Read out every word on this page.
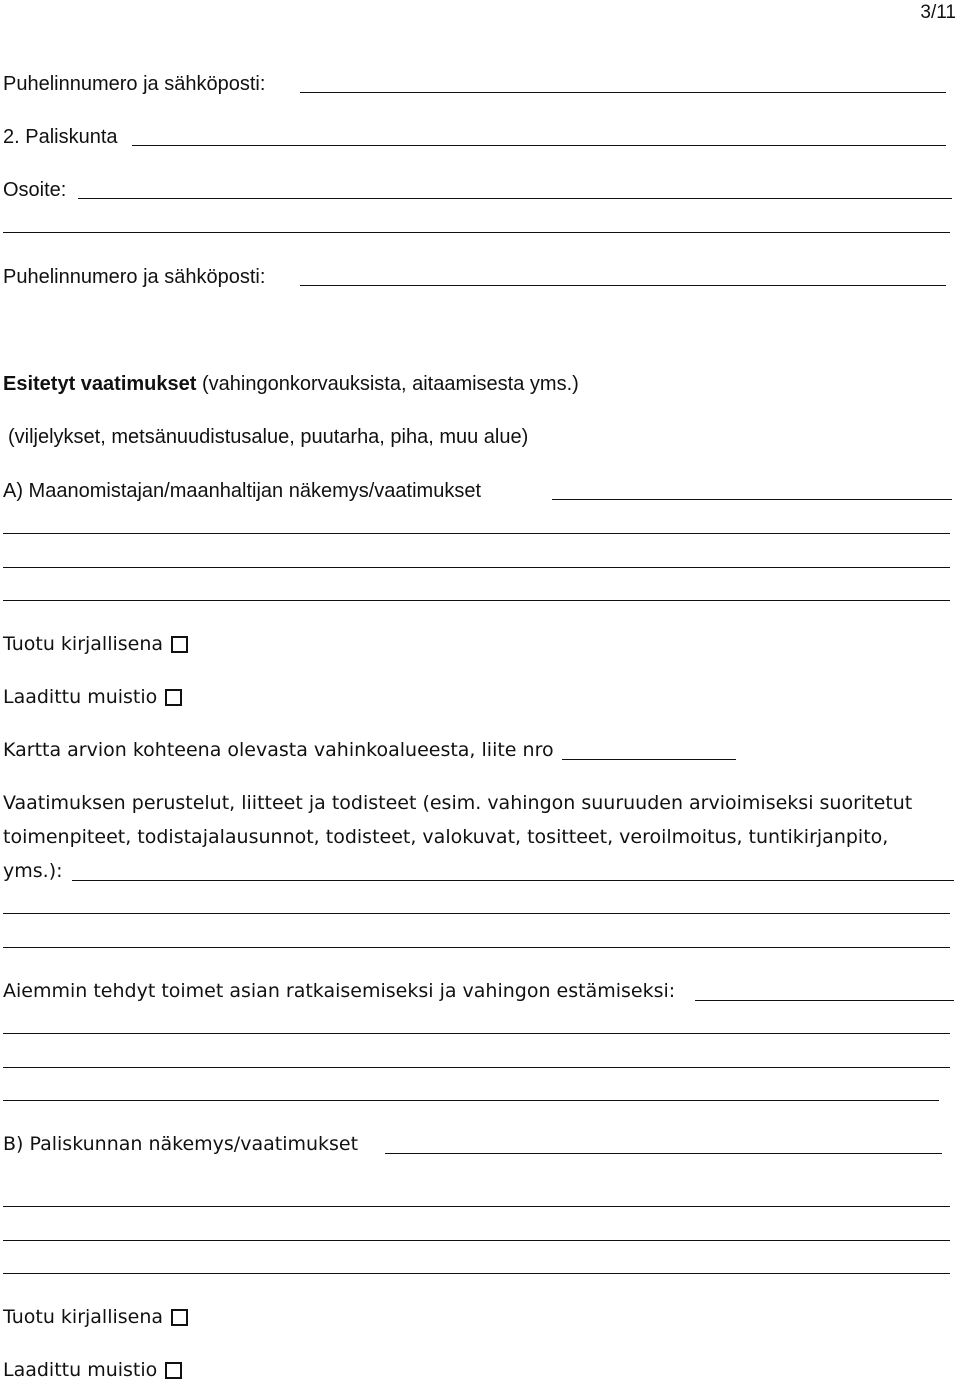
3/11
Puhelinnumero ja sähköposti:
2. Paliskunta
Osoite:
Puhelinnumero ja sähköposti:
Esitetyt vaatimukset (vahingonkorvauksista, aitaamisesta yms.)
(viljelykset, metsänuudistusalue, puutarha, piha, muu alue)
A) Maanomistajan/maanhaltijan näkemys/vaatimukset
Tuotu kirjallisena
Laadittu muistio
Kartta arvion kohteena olevasta vahinkoalueesta, liite nro
Vaatimuksen perustelut, liitteet ja todisteet (esim. vahingon suuruuden arvioimiseksi suoritetut
toimenpiteet, todistajalausunnot, todisteet, valokuvat, tositteet, veroilmoitus, tuntikirjanpito,
yms.):
Aiemmin tehdyt toimet asian ratkaisemiseksi ja vahingon estämiseksi:
B) Paliskunnan näkemys/vaatimukset
Tuotu kirjallisena
Laadittu muistio
